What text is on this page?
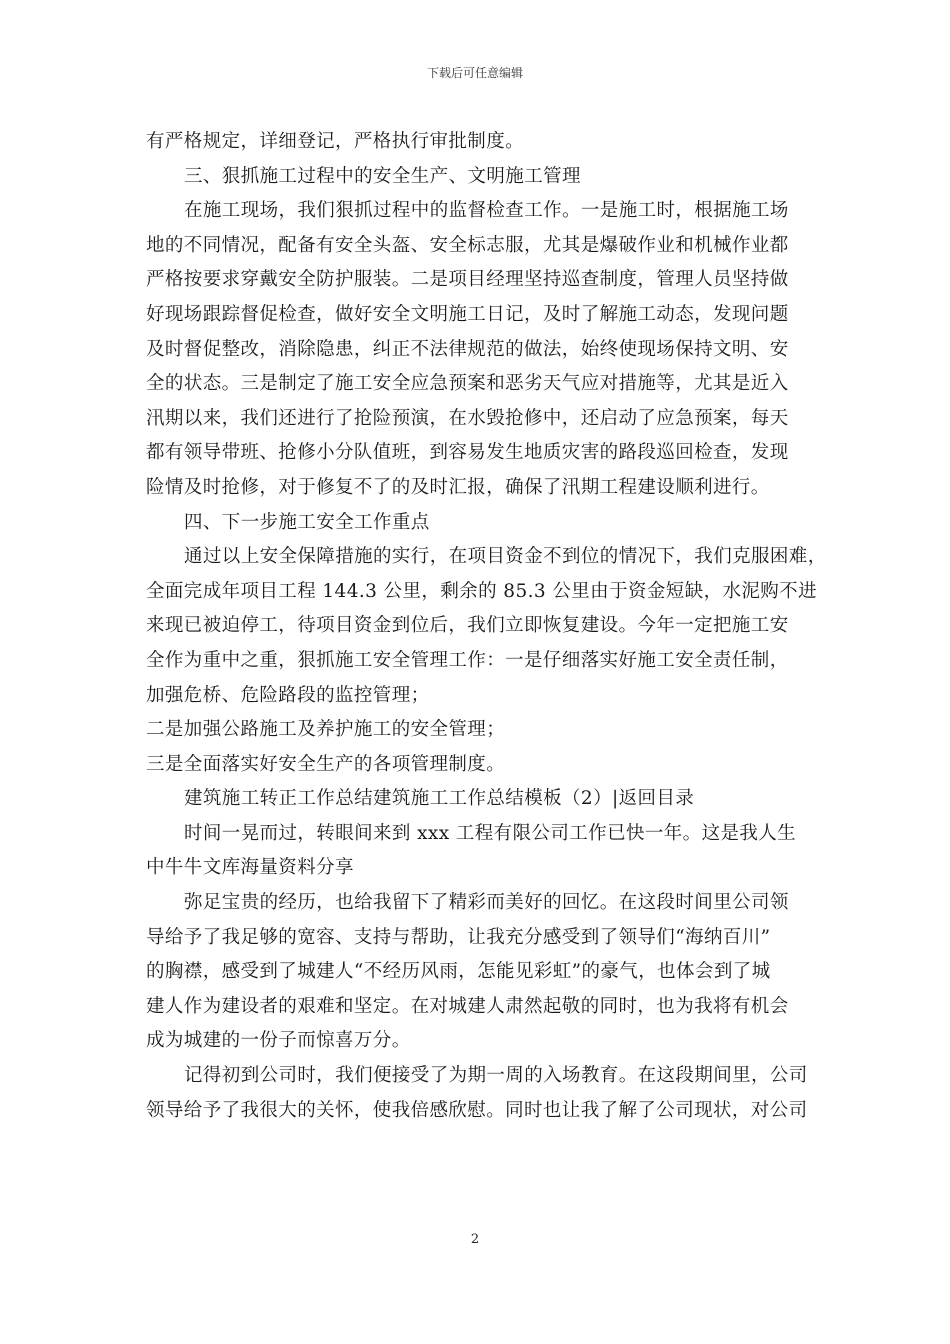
下载后可任意编辑
有严格规定，详细登记，严格执行审批制度。
三、狠抓施工过程中的安全生产、文明施工管理
在施工现场，我们狠抓过程中的监督检查工作。一是施工时，根据施工场
地的不同情况，配备有安全头盔、安全标志服，尤其是爆破作业和机械作业都
严格按要求穿戴安全防护服装。二是项目经理坚持巡查制度，管理人员坚持做
好现场跟踪督促检查，做好安全文明施工日记，及时了解施工动态，发现问题
及时督促整改，消除隐患，纠正不法律规范的做法，始终使现场保持文明、安
全的状态。三是制定了施工安全应急预案和恶劣天气应对措施等，尤其是近入
汛期以来，我们还进行了抢险预演，在水毁抢修中，还启动了应急预案，每天
都有领导带班、抢修小分队值班，到容易发生地质灾害的路段巡回检查，发现
险情及时抢修，对于修复不了的及时汇报，确保了汛期工程建设顺利进行。
四、下一步施工安全工作重点
通过以上安全保障措施的实行，在项目资金不到位的情况下，我们克服困难，
全面完成年项目工程 144.3 公里，剩余的 85.3 公里由于资金短缺，水泥购不进
来现已被迫停工，待项目资金到位后，我们立即恢复建设。今年一定把施工安
全作为重中之重，狠抓施工安全管理工作：一是仔细落实好施工安全责任制，
加强危桥、危险路段的监控管理；
二是加强公路施工及养护施工的安全管理；
三是全面落实好安全生产的各项管理制度。
建筑施工转正工作总结建筑施工工作总结模板（2）|返回目录
时间一晃而过，转眼间来到 xxx 工程有限公司工作已快一年。这是我人生
中牛牛文库海量资料分享
弥足宝贵的经历，也给我留下了精彩而美好的回忆。在这段时间里公司领
导给予了我足够的宽容、支持与帮助，让我充分感受到了领导们“海纳百川”
的胸襟，感受到了城建人“不经历风雨，怎能见彩虹”的豪气，也体会到了城
建人作为建设者的艰难和坚定。在对城建人肃然起敬的同时，也为我将有机会
成为城建的一份子而惊喜万分。
记得初到公司时，我们便接受了为期一周的入场教育。在这段期间里，公司
领导给予了我很大的关怀，使我倍感欣慰。同时也让我了解了公司现状，对公司
2
